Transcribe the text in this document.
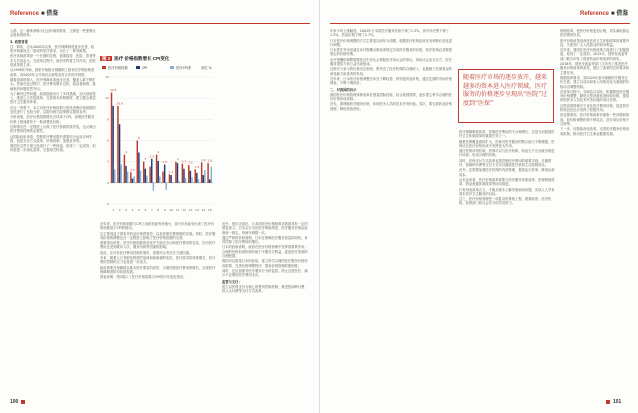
Reference ■ 借鉴

人群，这一群体被称为社会的弱势群体，主要是一些需要社会救助的群体。

3. 政策背景

这一群体，自从2000年以来，医疗保障制度逐步完善，政府开始重视这一群体的医疗需求，出台了一系列政策。

医疗体制改革是一个长期的过程，需要政府、医院、患者等多方共同参与。在改革过程中，政府发挥着主导作用，医院是改革的主体。

从1998年开始，国家开始推行城镇职工基本医疗保险制度改革，到2003年又开始试点新型农村合作医疗制度。

随着改革的深入，医疗保障体系逐步完善，覆盖人群不断扩大。然而在此过程中，医疗费用增长过快，群众看病难、看病贵的问题依然突出。

为了解决这些问题，政府陆续出台了多项措施，加大财政投入，推进公立医院改革，完善基本药物制度，建立健全基层医疗卫生服务体系。

在这一背景下，本文对医疗价格指数与居民消费价格指数的变化进行了比较分析，以期为相关政策制定提供参考。

分析表明，医疗价格指数增长总体高于CPI，说明医疗服务价格上涨速度快于一般消费品价格。

这种情况在一定程度上反映了医疗资源供需矛盾，也反映出医疗费用控制的必要性。

从国际经验来看，控制医疗费用增长需要综合运用多种手段，包括支付方式改革、价格管制、加强竞争等。

我国在这些方面已经进行了一些探索，取得了一定成效，但仍需进一步深化改革，完善相关机制。

图 2 医疗 价格指数增长 CPI变化
医疗价格指数	CPI	医疗CPI差	单位 %
-3
0
3
6
9
12
15
1 2 3 4 5 6 7 8 9 10 11 12 13 14 15 16
12.8
10.9
4
1.5
6
3
2.3
4
1.6
1.2
3
2.7 2.5
1.9
2.9 2.8

近年来，医疗价格指数与CPI之间的差距有所缩小，部分年份甚至出现了医疗价格指数低于CPI的情况。

这主要得益于国家对药品价格的管控，以及医保控费措施的实施。同时，医疗服务价格的调整也在一定程度上影响了医疗价格指数的走势。

需要指出的是，医疗价格指数的变化并不能完全反映医疗费用的变化，因为医疗费用还受到就诊人次、服务结构等因素的影响。

因此，在评价医疗费用控制效果时，需要综合考虑多方面因素。

未来，随着人口老龄化程度的加深和疾病谱的变化，医疗需求将持续增长，医疗费用控制的压力也将进一步加大。

政府需要在保障群众基本医疗需求的同时，合理控制医疗费用的增长，实现医疗保障制度的可持续发展。

图表说明：图2展示了医疗价格指数与CPI的历年变化情况。

此外，报告还指出，日本的医疗价格制度对我国具有一定的借鉴意义。日本实行全民医疗保险制度，医疗服务价格由政府统一制定，每两年调整一次。

通过严格的价格管制，日本在保障医疗服务质量的同时，有效控制了医疗费用的增长。

日本的经验表明，政府在医疗价格管理中发挥着重要作用。合理的价格形成机制有助于平衡各方利益，促进医疗资源的合理配置。

我国可以借鉴日本的经验，建立科学合理的医疗服务价格形成机制，完善价格调整程序，提高价格管理的透明度。

同时，还应加强对医疗服务行为的监管，防止过度医疗，减少不必要的医疗费用支出。

监管与支付：

建立以医保支付为核心的费用控制机制，推进按病种付费、按人头付费等支付方式改革。

100
Reference ■ 借鉴

年来平均上涨幅度。2003年日本将医疗服务价格下调了1.3%，其中诊疗费下调了1.3%，药品价格下调了2.7%。

日本医疗价格调整的方式主要是以两年为周期，根据医疗机构经营状况和物价变化进行调整。

日本厚生劳动省通过诊疗报酬点数表来规定各项医疗服务的价格，医疗机构必须按照规定的价格收费。

诊疗报酬的调整需要经过中央社会保险医疗协议会的审议，该协议会由支付方、医疗服务提供方和公益代表组成。

这种多方参与的价格决定机制，既考虑了医疗机构的合理收入，也兼顾了医保基金的承受能力和患者的负担。

近年来，日本医疗价格调整总体呈下降趋势，特别是药品价格，通过定期的市场价格调查，不断下调药价。

二、对我国的启示

我国医疗价格管理体制改革应借鉴国际经验，结合我国国情，逐步建立科学合理的医疗价格形成机制。

首先，要理顺医疗服务价格，体现医务人员的技术劳务价值。其次，要完善药品价格管理，降低虚高药价。

医疗保障制度改革，控制医疗费用的不合理增长，这是当前我国医疗卫生体制改革的重要任务之一。

随着医保覆盖面的扩大，医保对医疗服务的购买能力不断增强，医保应在医疗价格形成中发挥更大作用。

通过医保谈判机制，医保可以与医疗机构、药品生产企业就价格进行协商，形成合理的价格。

同时，医保支付方式改革也是控制医疗费用的重要手段。总额预付、按病种付费等支付方式可以激励医疗机构主动控制成本。

此外，还需要加强医疗机构的内部管理，提高运行效率，降低运营成本。

从长远来看，医疗价格改革需要与医疗服务体系改革、医保制度改革、药品流通体制改革等协同推进。

只有形成改革合力，才能从根本上解决看病贵问题，实现人人享有基本医疗卫生服务的目标。

总之，医疗价格管理是一项复杂的系统工程，需要政府、医疗机构、医保部门和社会各方的共同努力。

管理改革，使医疗价格更加合理，切实减轻群众医药费用负担。

医疗价格改革是深化医药卫生体制改革的重要内容，关系到广大人民群众的切身利益。

近年来，我国在医疗价格改革方面进行了积极探索，取得了一定成效。2015年，国家发改委等部门联合印发了推进药品价格改革的意见。

2016年，国家发改委等部门又印发了推进医疗服务价格改革的意见，提出了改革的总体要求和主要任务。

根据改革要求，到2020年基本理顺医疗服务比价关系，建立以成本和收入结构变化为基础的价格动态调整机制。

在改革过程中，各地结合实际，积极推进医疗服务价格调整，降低大型设备检查检验价格，提高体现医务人员技术劳务价值的项目价格。

这些改革措施对于优化医疗费用结构、促进医疗机构良性运行发挥了积极作用。

但也要看到，医疗价格改革仍面临一些问题和挑战，如价格调整机制不够灵活、部分项目价格不合理等。

下一步，应继续深化改革，完善医疗服务价格形成机制，推动医疗卫生事业健康发展。

101
随着医疗市场的逐步放开，越来越多的资本进入医疗领域，医疗服务的价格逐步呈现出“医院”过度到“医保”
